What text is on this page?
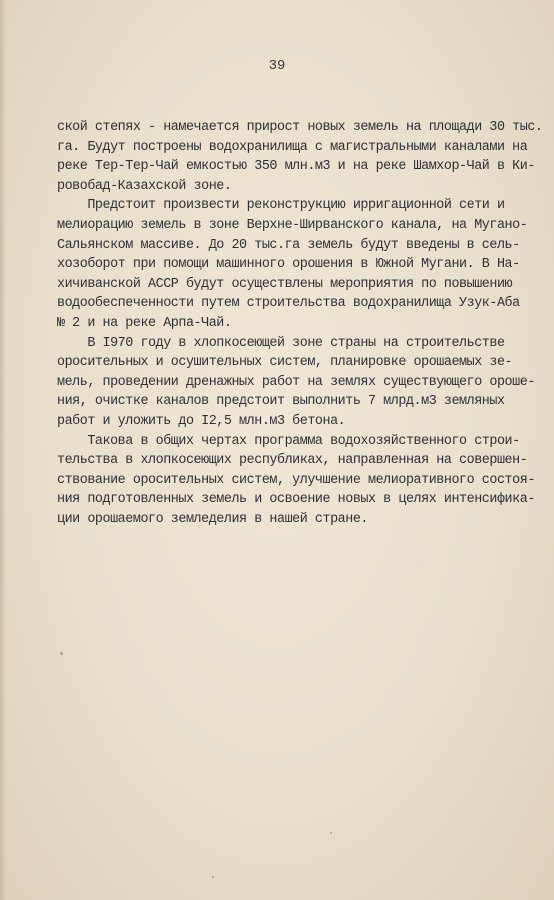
39

ской степях - намечается прирост новых земель на площади 30 тыс.
га. Будут построены водохранилища с магистральными каналами на
реке Тер-Тер-Чай емкостью 350 млн.м3 и на реке Шамхор-Чай в Ки-
ровобад-Казахской зоне.

Предстоит произвести реконструкцию ирригационной сети и
мелиорацию земель в зоне Верхне-Ширванского канала, на Мугано-
Сальянском массиве. До 20 тыс.га земель будут введены в сель-
хозоборот при помощи машинного орошения в Южной Мугани. В На-
хичиванской АССР будут осуществлены мероприятия по повышению
водообеспеченности путем строительства водохранилища Узук-Аба
№ 2 и на реке Арпа-Чай.

В I970 году в хлопкосеющей зоне страны на строительстве
оросительных и осушительных систем, планировке орошаемых зе-
мель, проведении дренажных работ на землях существующего ороше-
ния, очистке каналов предстоит выполнить 7 млрд.м3 земляных
работ и уложить до I2,5 млн.м3 бетона.

Такова в общих чертах программа водохозяйственного строи-
тельства в хлопкосеющих республиках, направленная на совершен-
ствование оросительных систем, улучшение мелиоративного состоя-
ния подготовленных земель и освоение новых в целях интенсифика-
ции орошаемого земледелия в нашей стране.
